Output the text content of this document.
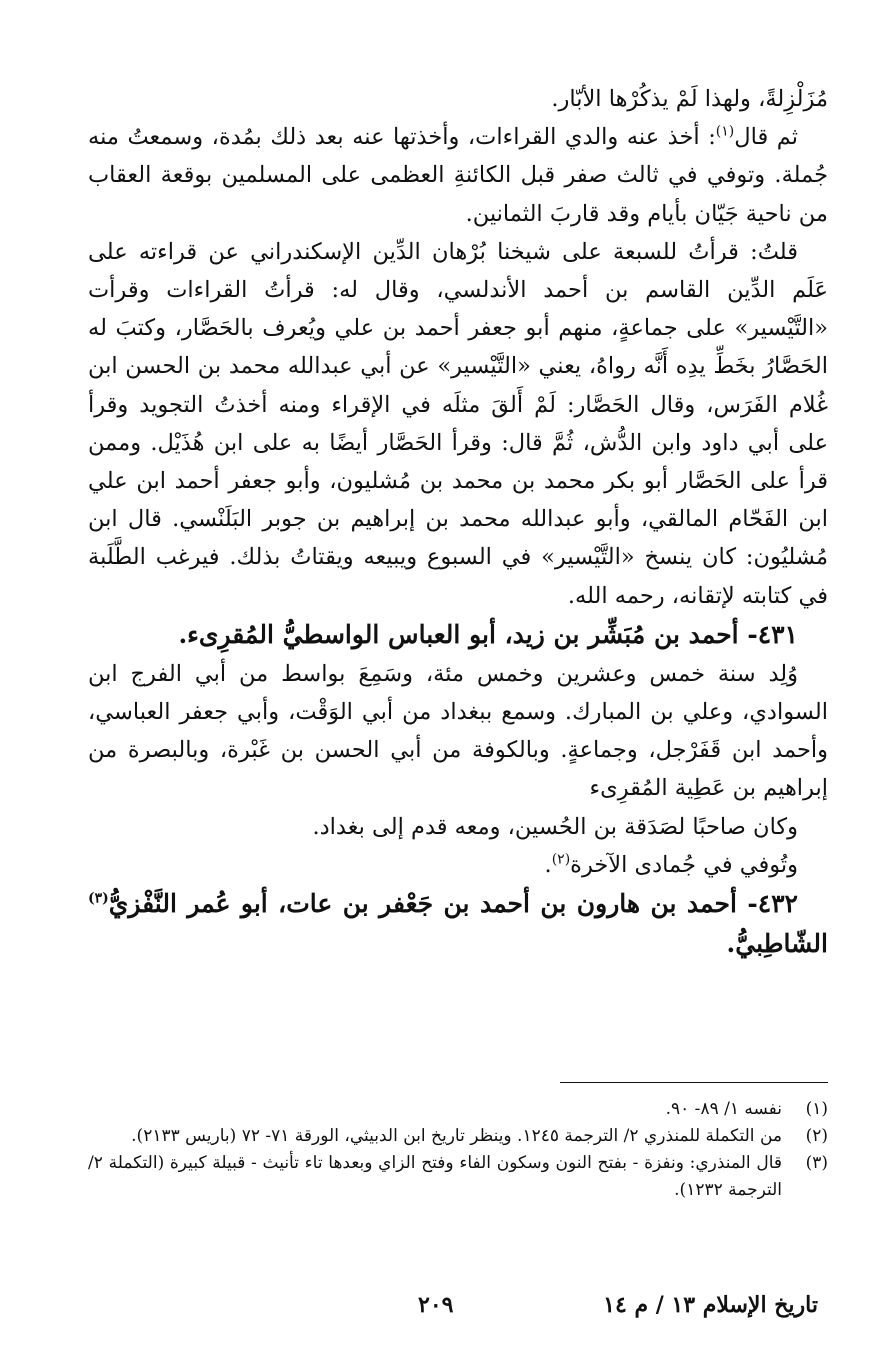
مُزَلْزِلةً، ولهذا لَمْ يذكُرْها الأبّار.

ثم قال$^{(١)}$: أخذ عنه والدي القراءات، وأخذتها عنه بعد ذلك بمُدة، وسمعتُ منه جُملة. وتوفي في ثالث صفر قبل الكائنةِ العظمى على المسلمين بوقعة العقاب من ناحية جَيّان بأيام وقد قاربَ الثمانين.

قلتُ: قرأتُ للسبعة على شيخنا بُرْهان الدِّين الإسكندراني عن قراءته على عَلَم الدِّين القاسم بن أحمد الأندلسي، وقال له: قرأتُ القراءات وقرأت «التَّيْسير» على جماعةٍ، منهم أبو جعفر أحمد بن علي ويُعرف بالحَصَّار، وكتبَ له الحَصَّارُ بخَطِّ يدِه أَنَّه رواهُ، يعني «التَّيْسير» عن أبي عبدالله محمد بن الحسن ابن غُلام الفَرَس، وقال الحَصَّار: لَمْ أَلقَ مثلَه في الإقراء ومنه أخذتُ التجويد وقرأ على أبي داود وابن الدُّش، ثُمَّ قال: وقرأ الحَصَّار أيضًا به على ابن هُذَيْل. وممن قرأ على الحَصَّار أبو بكر محمد بن محمد بن مُشليون، وأبو جعفر أحمد ابن علي ابن الفَحّام المالقي، وأبو عبدالله محمد بن إبراهيم بن جوبر البَلَنْسي. قال ابن مُشليُون: كان ينسخ «التَّيْسير» في السبوع ويبيعه ويقتاتُ بذلك. فيرغب الطَّلَبة في كتابته لإتقانه، رحمه الله.

٤٣١- أحمد بن مُبَشِّر بن زيد، أبو العباس الواسطيُّ المُقرِىء.

وُلِد سنة خمس وعشرين وخمس مئة، وسَمِعَ بواسط من أبي الفرج ابن السوادي، وعلي بن المبارك. وسمع ببغداد من أبي الوَقْت، وأبي جعفر العباسي، وأحمد ابن قَفَرْجل، وجماعةٍ. وبالكوفة من أبي الحسن بن غَبْرة، وبالبصرة من إبراهيم بن عَطِية المُقرِىء

وكان صاحبًا لصَدَقة بن الحُسين، ومعه قدم إلى بغداد.

وتُوفي في جُمادى الآخرة$^{(٢)}$.

٤٣٢- أحمد بن هارون بن أحمد بن جَعْفر بن عات، أبو عُمر النَّفْزيُّ$^{(٣)}$ الشّاطِبيُّ.

(١)
نفسه ١/ ٨٩- ٩٠.
(٢)
من التكملة للمنذري ٢/ الترجمة ١٢٤٥. وينظر تاريخ ابن الدبيثي، الورقة ٧١- ٧٢ (باريس ٢١٣٣).
(٣)
قال المنذري: ونفزة - بفتح النون وسكون الفاء وفتح الزاي وبعدها تاء تأنيث - قبيلة كبيرة (التكملة ٢/ الترجمة ١٢٣٢).
تاريخ الإسلام ١٣ / م ١٤
٢٠٩
